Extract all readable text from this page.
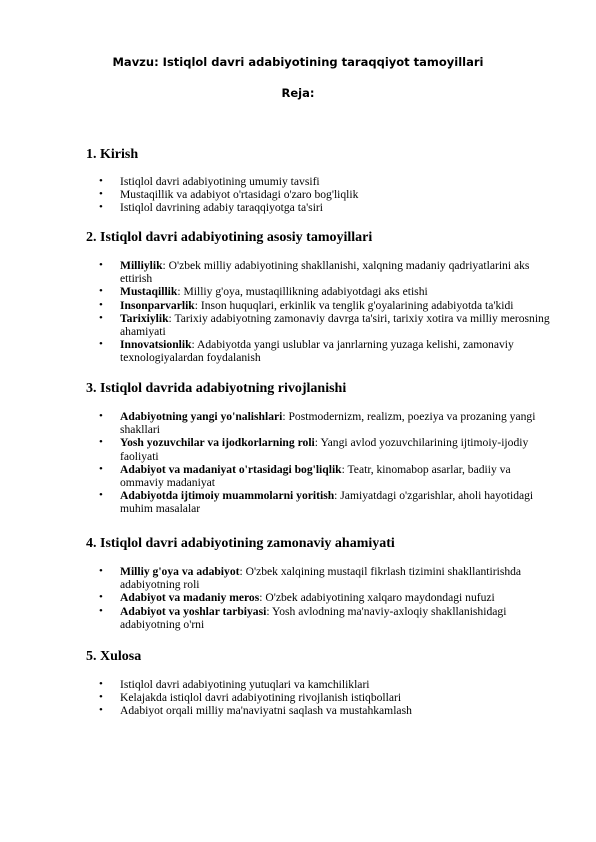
Mavzu: Istiqlol davri adabiyotining taraqqiyot tamoyillari
Reja:
1. Kirish
• Istiqlol davri adabiyotining umumiy tavsifi
• Mustaqillik va adabiyot o'rtasidagi o'zaro bog'liqlik
• Istiqlol davrining adabiy taraqqiyotga ta'siri
2. Istiqlol davri adabiyotining asosiy tamoyillari
• Milliylik: O'zbek milliy adabiyotining shakllanishi, xalqning madaniy qadriyatlarini aks ettirish
• Mustaqillik: Milliy g'oya, mustaqillikning adabiyotdagi aks etishi
• Insonparvarlik: Inson huquqlari, erkinlik va tenglik g'oyalarining adabiyotda ta'kidi
• Tarixiylik: Tarixiy adabiyotning zamonaviy davrga ta'siri, tarixiy xotira va milliy merosning ahamiyati
• Innovatsionlik: Adabiyotda yangi uslublar va janrlarning yuzaga kelishi, zamonaviy texnologiyalardan foydalanish
3. Istiqlol davrida adabiyotning rivojlanishi
• Adabiyotning yangi yo'nalishlari: Postmodernizm, realizm, poeziya va prozaning yangi shakllari
• Yosh yozuvchilar va ijodkorlarning roli: Yangi avlod yozuvchilarining ijtimoiy-ijodiy faoliyati
• Adabiyot va madaniyat o'rtasidagi bog'liqlik: Teatr, kinomabop asarlar, badiiy va ommaviy madaniyat
• Adabiyotda ijtimoiy muammolarni yoritish: Jamiyatdagi o'zgarishlar, aholi hayotidagi muhim masalalar
4. Istiqlol davri adabiyotining zamonaviy ahamiyati
• Milliy g'oya va adabiyot: O'zbek xalqining mustaqil fikrlash tizimini shakllantirishda adabiyotning roli
• Adabiyot va madaniy meros: O'zbek adabiyotining xalqaro maydondagi nufuzi
• Adabiyot va yoshlar tarbiyasi: Yosh avlodning ma'naviy-axloqiy shakllanishidagi adabiyotning o'rni
5. Xulosa
• Istiqlol davri adabiyotining yutuqlari va kamchiliklari
• Kelajakda istiqlol davri adabiyotining rivojlanish istiqbollari
• Adabiyot orqali milliy ma'naviyatni saqlash va mustahkamlash
